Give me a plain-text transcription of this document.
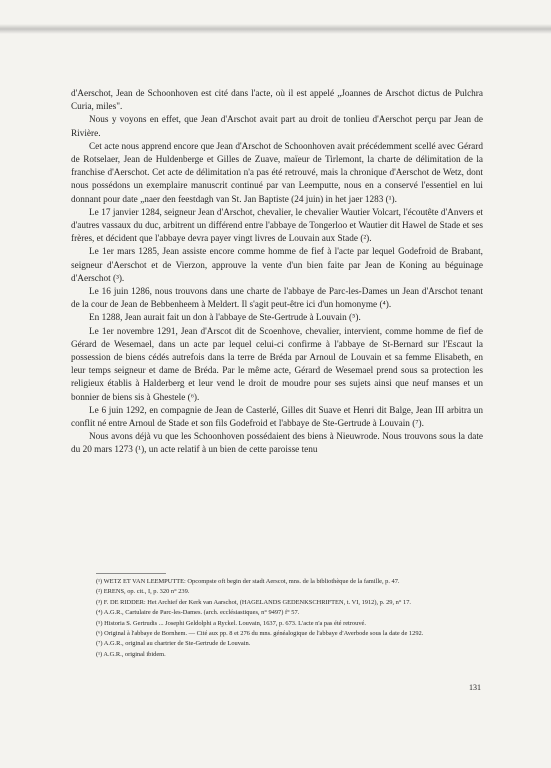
d'Aerschot, Jean de Schoonhoven est cité dans l'acte, où il est appelé „Joannes de Arschot dictus de Pulchra Curia, miles".

Nous y voyons en effet, que Jean d'Arschot avait part au droit de tonlieu d'Aerschot perçu par Jean de Rivière.

Cet acte nous apprend encore que Jean d'Arschot de Schoonhoven avait précédemment scellé avec Gérard de Rotselaer, Jean de Huldenberge et Gilles de Zuave, maïeur de Tirlemont, la charte de délimitation de la franchise d'Aerschot. Cet acte de délimitation n'a pas été retrouvé, mais la chronique d'Aerschot de Wetz, dont nous possédons un exemplaire manuscrit continué par van Leemputte, nous en a conservé l'essentiel en lui donnant pour date „naer den feestdagh van St. Jan Baptiste (24 juin) in het jaer 1283 (¹).

Le 17 janvier 1284, seigneur Jean d'Arschot, chevalier, le chevalier Wautier Volcart, l'écoutête d'Anvers et d'autres vassaux du duc, arbitrent un différend entre l'abbaye de Tongerloo et Wautier dit Hawel de Stade et ses frères, et décident que l'abbaye devra payer vingt livres de Louvain aux Stade (²).

Le 1er mars 1285, Jean assiste encore comme homme de fief à l'acte par lequel Godefroid de Brabant, seigneur d'Aerschot et de Vierzon, approuve la vente d'un bien faite par Jean de Koning au béguinage d'Aerschot (³).

Le 16 juin 1286, nous trouvons dans une charte de l'abbaye de Parc-les-Dames un Jean d'Arschot tenant de la cour de Jean de Bebbenheem à Meldert. Il s'agit peut-être ici d'un homonyme (⁴).

En 1288, Jean aurait fait un don à l'abbaye de Ste-Gertrude à Louvain (⁵).

Le 1er novembre 1291, Jean d'Arscot dit de Scoenhove, chevalier, intervient, comme homme de fief de Gérard de Wesemael, dans un acte par lequel celui-ci confirme à l'abbaye de St-Bernard sur l'Escaut la possession de biens cédés autrefois dans la terre de Bréda par Arnoul de Louvain et sa femme Elisabeth, en leur temps seigneur et dame de Bréda. Par le même acte, Gérard de Wesemael prend sous sa protection les religieux établis à Halderberg et leur vend le droit de moudre pour ses sujets ainsi que neuf manses et un bonnier de biens sis à Ghestele (⁶).

Le 6 juin 1292, en compagnie de Jean de Casterlé, Gilles dit Suave et Henri dit Balge, Jean III arbitra un conflit né entre Arnoul de Stade et son fils Godefroid et l'abbaye de Ste-Gertrude à Louvain (⁷).

Nous avons déjà vu que les Schoonhoven possédaient des biens à Nieuwrode. Nous trouvons sous la date du 20 mars 1273 (¹), un acte relatif à un bien de cette paroisse tenu

(¹) WETZ ET VAN LEEMPUTTE: Opcompste oft begin der stadt Aerscot, mns. de la bibliothèque de la famille, p. 47.
(²) ERENS, op. cit., I, p. 320 n° 239.
(³) F. DE RIDDER: Het Archief der Kerk van Aarschot, (HAGELANDS GEDENKSCHRIFTEN, t. VI, 1912), p. 29, n° 17.
(⁴) A.G.R., Cartulaire de Parc-les-Dames. (arch. ecclésiastiques, n° 9497) f° 57.
(⁵) Historia S. Gertrudis ... Josephi Geldolphi a Ryckel. Louvain, 1637, p. 673. L'acte n'a pas été retrouvé.
(⁶) Original à l'abbaye de Bornhem. — Cité aux pp. 8 et 276 du mns. généalogique de l'abbaye d'Averbode sous la date de 1292.
(⁷) A.G.R., original au chartrier de Ste-Gertrude de Louvain.
(¹) A.G.R., original ibidem.
131
